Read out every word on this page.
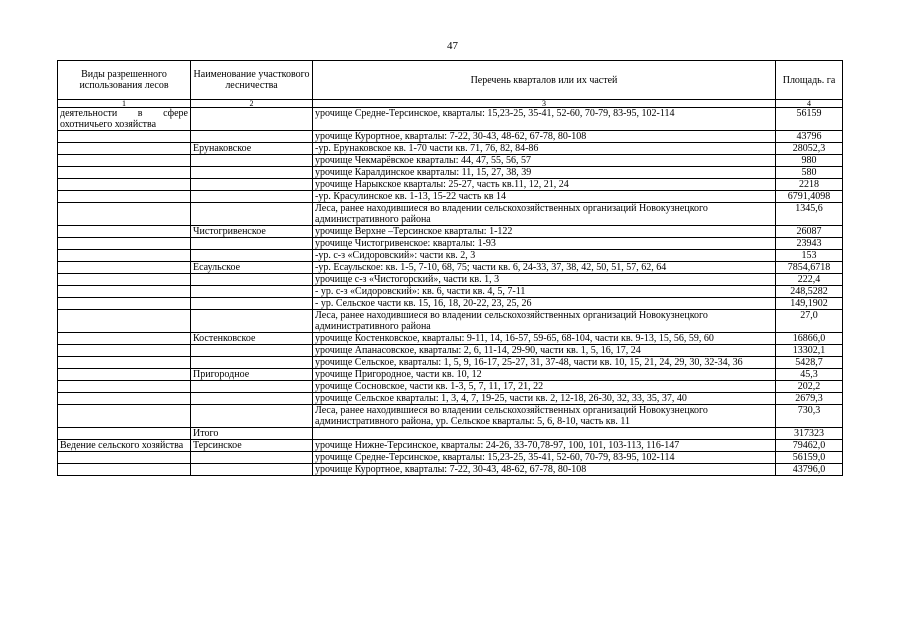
47
Виды разрешенного использования лесов	Наименование участкового лесничества	Перечень кварталов или их частей	Площадь. га
1	2	3	4
деятельности в сфере охотничьего хозяйства		урочище Средне-Терсинское, кварталы: 15,23-25, 35-41, 52-60, 70-79, 83-95, 102-114	56159
		урочище Курортное, кварталы: 7-22, 30-43, 48-62, 67-78, 80-108	43796
	Ерунаковское	-ур. Ерунаковское кв. 1-70 части кв. 71, 76, 82, 84-86	28052,3
		урочище Чекмарёвское кварталы: 44, 47, 55, 56, 57	980
		урочище Каралдинское кварталы: 11, 15, 27, 38, 39	580
		урочище Нарыкское кварталы: 25-27, часть кв.11, 12, 21, 24	2218
		-ур. Красулинское кв. 1-13, 15-22 часть кв 14	6791,4098
		Леса, ранее находившиеся во владении сельскохозяйственных организаций Новокузнецкого административного района	1345,6
	Чистогривенское	урочище Верхне –Терсинское кварталы: 1-122	26087
		урочище Чистогривенское: кварталы: 1-93	23943
		-ур. с-з «Сидоровский»: части кв. 2, 3	153
	Есаульское	-ур. Есаульское: кв. 1-5, 7-10, 68, 75; части кв. 6, 24-33, 37, 38, 42, 50, 51, 57, 62, 64	7854,6718
		урочище с-з «Чистогорский», части кв. 1, 3	222,4
		- ур. с-з «Сидоровский»: кв. 6, части кв. 4, 5, 7-11	248,5282
		- ур. Сельское части кв. 15, 16, 18, 20-22, 23, 25, 26	149,1902
		Леса, ранее находившиеся во владении сельскохозяйственных организаций Новокузнецкого административного района	27,0
	Костенковское	урочище Костенковское, кварталы: 9-11, 14, 16-57, 59-65, 68-104, части кв. 9-13, 15, 56, 59, 60	16866,0
		урочище Апанасовское, кварталы: 2, 6, 11-14, 29-90, части кв. 1, 5, 16, 17, 24	13302,1
		урочище Сельское, кварталы: 1, 5, 9, 16-17, 25-27, 31, 37-48, части кв. 10, 15, 21, 24, 29, 30, 32-34, 36	5428,7
	Пригородное	урочище Пригородное, части кв. 10, 12	45,3
		урочище Сосновское, части кв. 1-3, 5, 7, 11, 17, 21, 22	202,2
		урочище Сельское кварталы: 1, 3, 4, 7, 19-25, части кв. 2, 12-18, 26-30, 32, 33, 35, 37, 40	2679,3
		Леса, ранее находившиеся во владении сельскохозяйственных организаций Новокузнецкого административного района, ур. Сельское кварталы: 5, 6, 8-10, часть кв. 11	730,3
	Итого		317323
Ведение сельского хозяйства	Терсинское	урочище Нижне-Терсинское, кварталы: 24-26, 33-70,78-97, 100, 101, 103-113, 116-147	79462,0
		урочище Средне-Терсинское, кварталы: 15,23-25, 35-41, 52-60, 70-79, 83-95, 102-114	56159,0
		урочище Курортное, кварталы: 7-22, 30-43, 48-62, 67-78, 80-108	43796,0
